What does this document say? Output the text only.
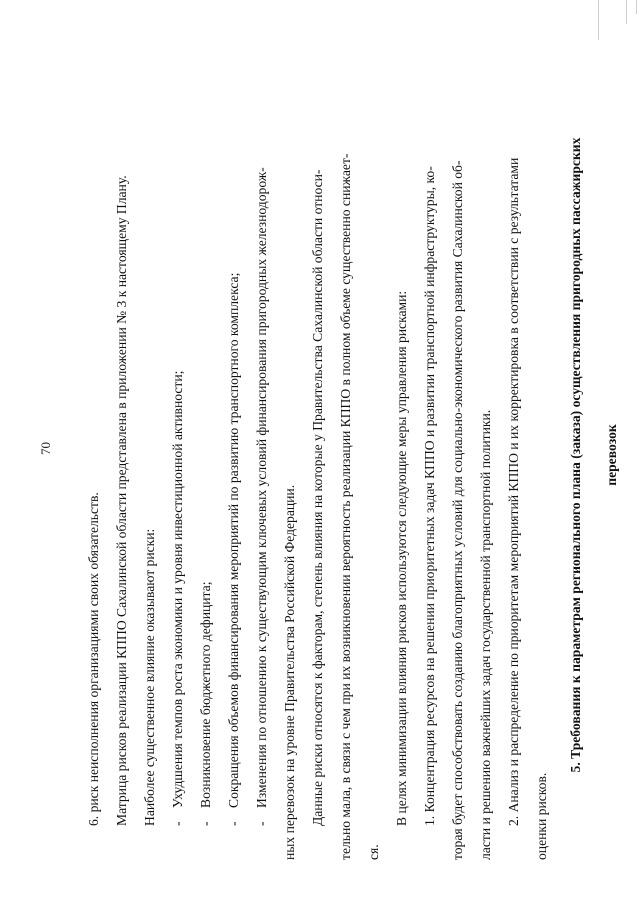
70

6. риск неисполнения организациями своих обязательств. Матрица рисков реализации КППО Сахалинской области представлена в приложении № 3 к настоящему Плану. Наиболее существенное влияние оказывают риски: -Ухудшения темпов роста экономики и уровня инвестиционной активности;

-Возникновение бюджетного дефицита;

-Сокращения объемов финансирования мероприятий по развитию транспортного комплекса;

-Изменения по отношению к существующим ключевых условий финансирования пригородных железнодорож- ных перевозок на уровне Правительства Российской Федерации. Данные риски относятся к факторам, степень влияния на которые у Правительства Сахалинской области относи- тельно мала, в связи с чем при их возникновении вероятность реализации КППО в полном объеме существенно снижает- ся.

В целях минимизации влияния рисков используются следующие меры управления рисками: 1. Концентрация ресурсов на решении приоритетных задач КППО и развитии транспортной инфраструктуры, ко- торая будет способствовать созданию благоприятных условий для социально-экономического развития Сахалинской об- ласти и решению важнейших задач государственной транспортной политики. 2. Анализ и распределение по приоритетам мероприятий КППО и их корректировка в соответствии с результатами оценки рисков.

5. Требования к параметрам регионального плана (заказа) осуществления пригородных пассажирских	перевозок
